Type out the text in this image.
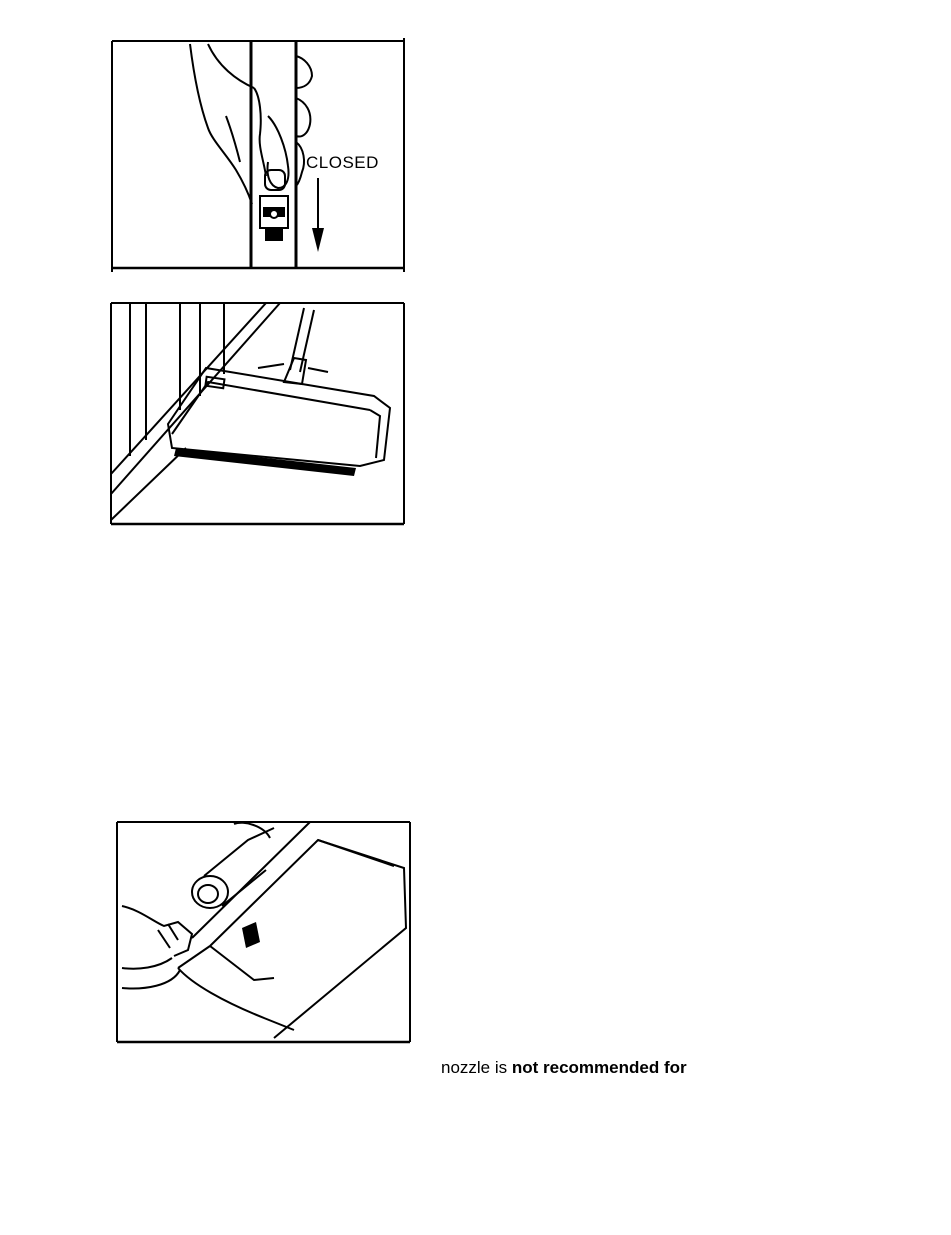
CLOSED
nozzle is not recommended for
